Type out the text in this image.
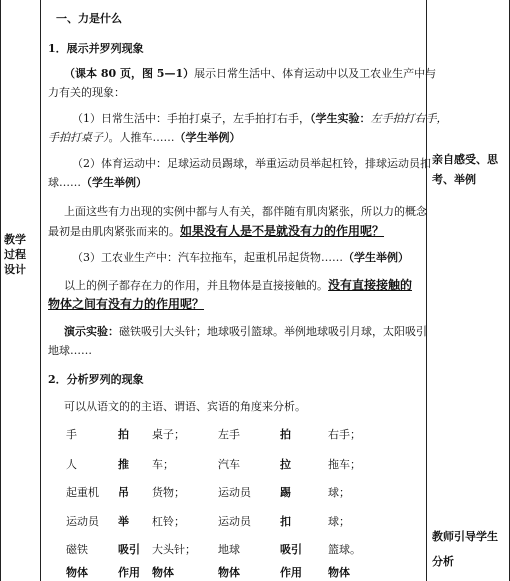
教学
过程
设计
一、力是什么
1．展示并罗列现象
（课本 80 页，图 5—1）展示日常生活中、体育运动中以及工农业生产中与
力有关的现象：
（1）日常生活中：手拍打桌子，左手拍打右手，（学生实验：左手拍打右手，
手拍打桌子）。人推车……（学生举例）
（2）体育运动中：足球运动员踢球，举重运动员举起杠铃，排球运动员扣
球……（学生举例）
上面这些有力出现的实例中都与人有关，都伴随有肌肉紧张，所以力的概念
最初是由肌肉紧张而来的。如果没有人是不是就没有力的作用呢？
（3）工农业生产中：汽车拉拖车，起重机吊起货物……（学生举例）
以上的例子都存在力的作用，并且物体是直接接触的。没有直接接触的
物体之间有没有力的作用呢？
演示实验：磁铁吸引大头针；地球吸引篮球。举例地球吸引月球，太阳吸引
地球……
2．分析罗列的现象
可以从语文的的主语、谓语、宾语的角度来分析。
手	拍 桌子；	左手	拍	右手；
人	推 车；	汽车	拉	拖车；
起重机 吊 货物；	运动员	踢	球；
运动员 举 杠铃；	运动员	扣	球；
磁铁	吸引 大头针； 地球	吸引 篮球。
物体	作用 物体	物体	作用 物体
亲自感受、思考、举例
教师引导学生
分析
